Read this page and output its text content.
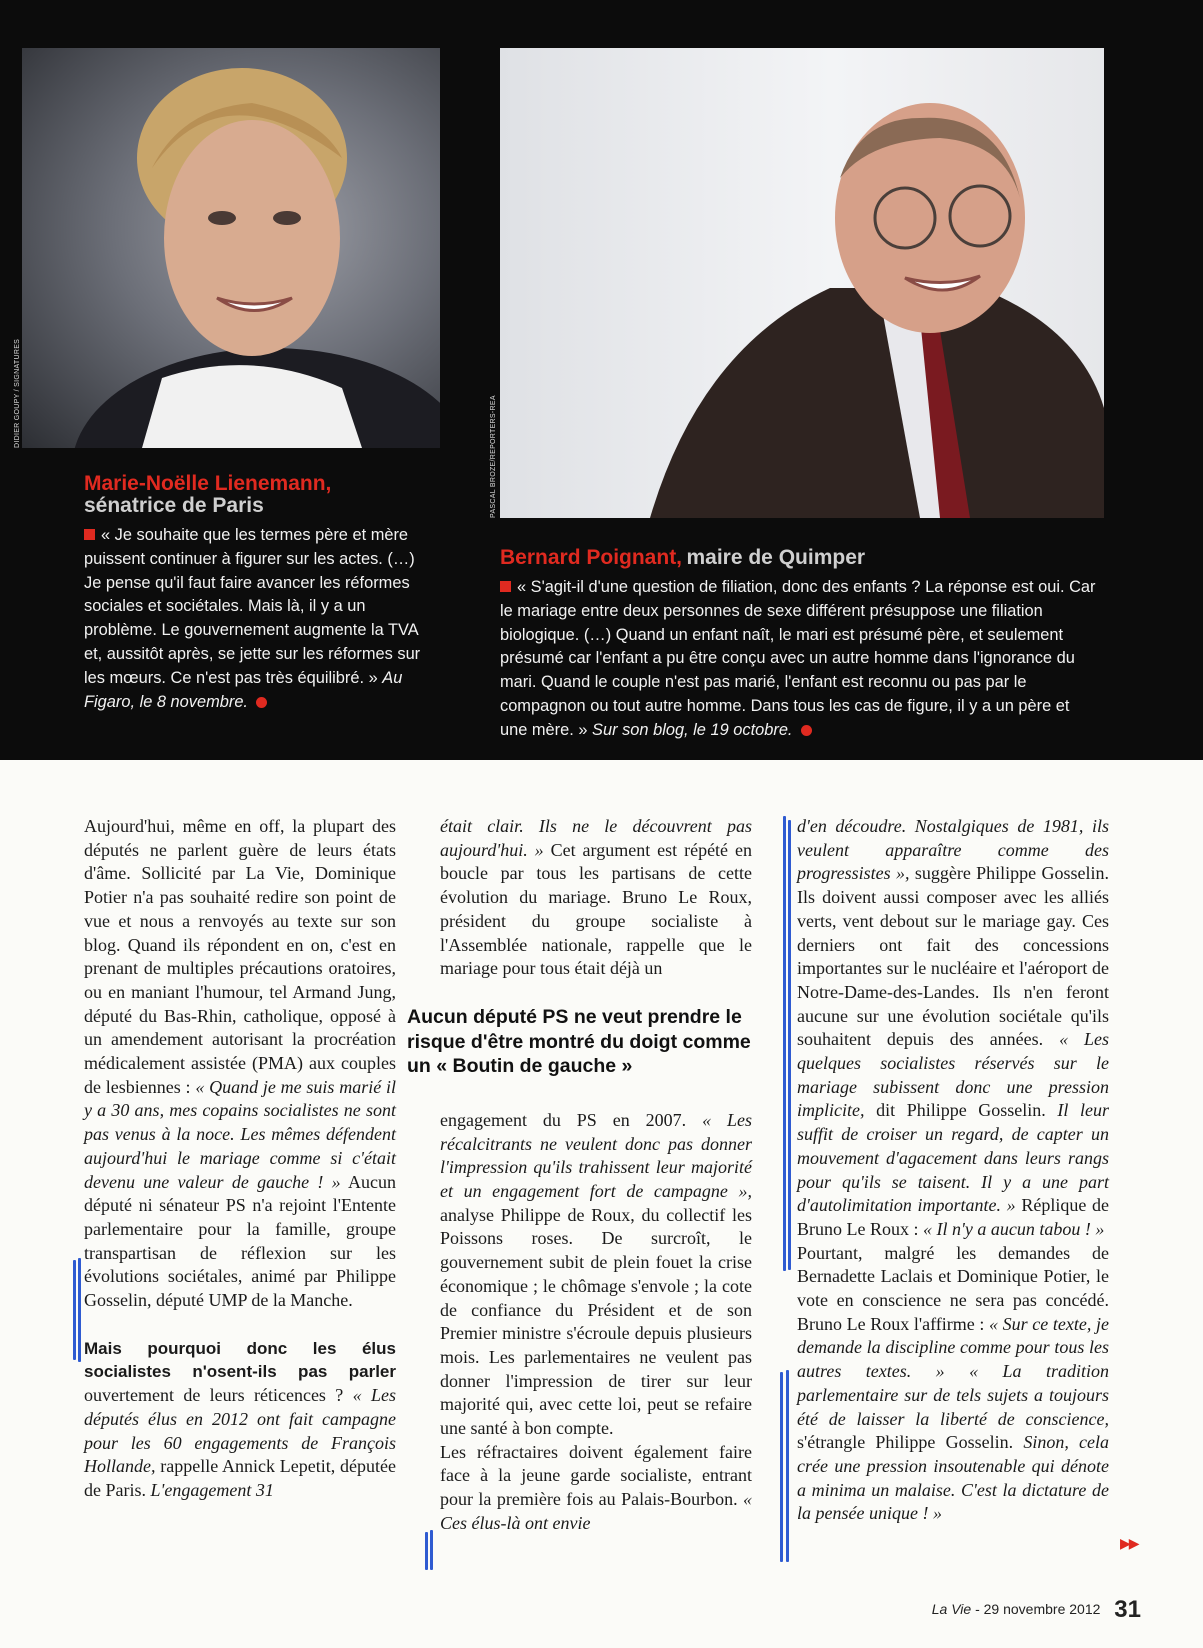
DIDIER GOUPY / SIGNATURES
PASCAL BROZE/REPORTERS-REA
Marie-Noëlle Lienemann,
sénatrice de Paris
« Je souhaite que les termes père et mère puissent continuer à figurer sur les actes. (…) Je pense qu'il faut faire avancer les réformes sociales et sociétales. Mais là, il y a un problème. Le gouvernement augmente la TVA et, aussitôt après, se jette sur les réformes sur les mœurs. Ce n'est pas très équilibré. » Au Figaro, le 8 novembre.
Bernard Poignant, maire de Quimper
« S'agit-il d'une question de filiation, donc des enfants ? La réponse est oui. Car le mariage entre deux personnes de sexe différent présuppose une filiation biologique. (…) Quand un enfant naît, le mari est présumé père, et seulement présumé car l'enfant a pu être conçu avec un autre homme dans l'ignorance du mari. Quand le couple n'est pas marié, l'enfant est reconnu ou pas par le compagnon ou tout autre homme. Dans tous les cas de figure, il y a un père et une mère. » Sur son blog, le 19 octobre.
Aujourd'hui, même en off, la plupart des députés ne parlent guère de leurs états d'âme. Sollicité par La Vie, Dominique Potier n'a pas souhaité redire son point de vue et nous a renvoyés au texte sur son blog. Quand ils répondent en on, c'est en prenant de multiples précautions oratoires, ou en maniant l'humour, tel Armand Jung, député du Bas-Rhin, catholique, opposé à un amendement autorisant la procréation médicalement assistée (PMA) aux couples de lesbiennes : « Quand je me suis marié il y a 30 ans, mes copains socialistes ne sont pas venus à la noce. Les mêmes défendent aujourd'hui le mariage comme si c'était devenu une valeur de gauche ! » Aucun député ni sénateur PS n'a rejoint l'Entente parlementaire pour la famille, groupe transpartisan de réflexion sur les évolutions sociétales, animé par Philippe Gosselin, député UMP de la Manche.
Mais pourquoi donc les élus socialistes n'osent-ils pas parler ouvertement de leurs réticences ? « Les députés élus en 2012 ont fait campagne pour les 60 engagements de François Hollande, rappelle Annick Lepetit, députée de Paris. L'engagement 31
était clair. Ils ne le découvrent pas aujourd'hui. » Cet argument est répété en boucle par tous les partisans de cette évolution du mariage. Bruno Le Roux, président du groupe socialiste à l'Assemblée nationale, rappelle que le mariage pour tous était déjà un
engagement du PS en 2007. « Les récalcitrants ne veulent donc pas donner l'impression qu'ils trahissent leur majorité et un engagement fort de campagne », analyse Philippe de Roux, du collectif les Poissons roses. De surcroît, le gouvernement subit de plein fouet la crise économique ; le chômage s'envole ; la cote de confiance du Président et de son Premier ministre s'écroule depuis plusieurs mois. Les parlementaires ne veulent pas donner l'impression de tirer sur leur majorité qui, avec cette loi, peut se refaire une santé à bon compte.
Les réfractaires doivent également faire face à la jeune garde socialiste, entrant pour la première fois au Palais-Bourbon. « Ces élus-là ont envie
Aucun député PS ne veut prendre le risque d'être montré du doigt comme un « Boutin de gauche »
d'en découdre. Nostalgiques de 1981, ils veulent apparaître comme des progressistes », suggère Philippe Gosselin. Ils doivent aussi composer avec les alliés verts, vent debout sur le mariage gay. Ces derniers ont fait des concessions importantes sur le nucléaire et l'aéroport de Notre-Dame-des-Landes. Ils n'en feront aucune sur une évolution sociétale qu'ils souhaitent depuis des années. « Les quelques socialistes réservés sur le mariage subissent donc une pression implicite, dit Philippe Gosselin. Il leur suffit de croiser un regard, de capter un mouvement d'agacement dans leurs rangs pour qu'ils se taisent. Il y a une part d'autolimitation importante. » Réplique de Bruno Le Roux : « Il n'y a aucun tabou ! »
Pourtant, malgré les demandes de Bernadette Laclais et Dominique Potier, le vote en conscience ne sera pas concédé. Bruno Le Roux l'affirme : « Sur ce texte, je demande la discipline comme pour tous les autres textes. » « La tradition parlementaire sur de tels sujets a toujours été de laisser la liberté de conscience, s'étrangle Philippe Gosselin. Sinon, cela crée une pression insoutenable qui dénote a minima un malaise. C'est la dictature de la pensée unique ! »
▶▶
La Vie - 29 novembre 2012 31
